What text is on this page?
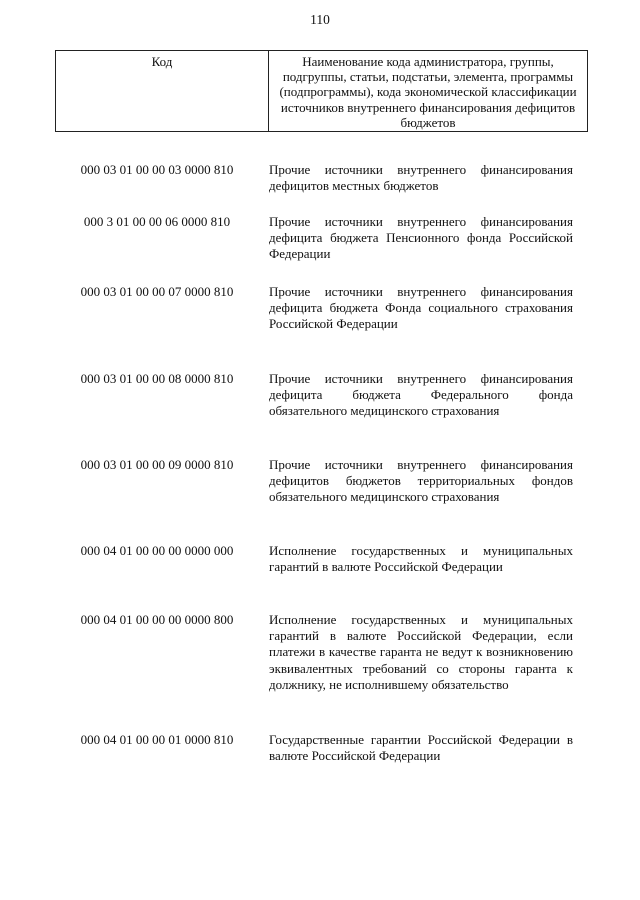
110
Код	Наименование кода администратора, группы, подгруппы, статьи, подстатьи, элемента, программы (подпрограммы), кода экономической классификации источников внутреннего финансирования дефицитов бюджетов
000 03 01 00 00 03 0000 810	Прочие источники внутреннего финансирования дефицитов местных бюджетов
000 3 01 00 00 06 0000 810	Прочие источники внутреннего финансирования дефицита бюджета Пенсионного фонда Российской Федерации
000 03 01 00 00 07 0000 810	Прочие источники внутреннего финансирования дефицита бюджета Фонда социального страхования Российской Федерации
000 03 01 00 00 08 0000 810	Прочие источники внутреннего финансирования дефицита бюджета Федерального фонда обязательного медицинского страхования
000 03 01 00 00 09 0000 810	Прочие источники внутреннего финансирования дефицитов бюджетов территориальных фондов обязательного медицинского страхования
000 04 01 00 00 00 0000 000	Исполнение государственных и муниципальных гарантий в валюте Российской Федерации
000 04 01 00 00 00 0000 800	Исполнение государственных и муниципальных гарантий в валюте Российской Федерации, если платежи в качестве гаранта не ведут к возникновению эквивалентных требований со стороны гаранта к должнику, не исполнившему обязательство
000 04 01 00 00 01 0000 810	Государственные гарантии Российской Федерации в валюте Российской Федерации
